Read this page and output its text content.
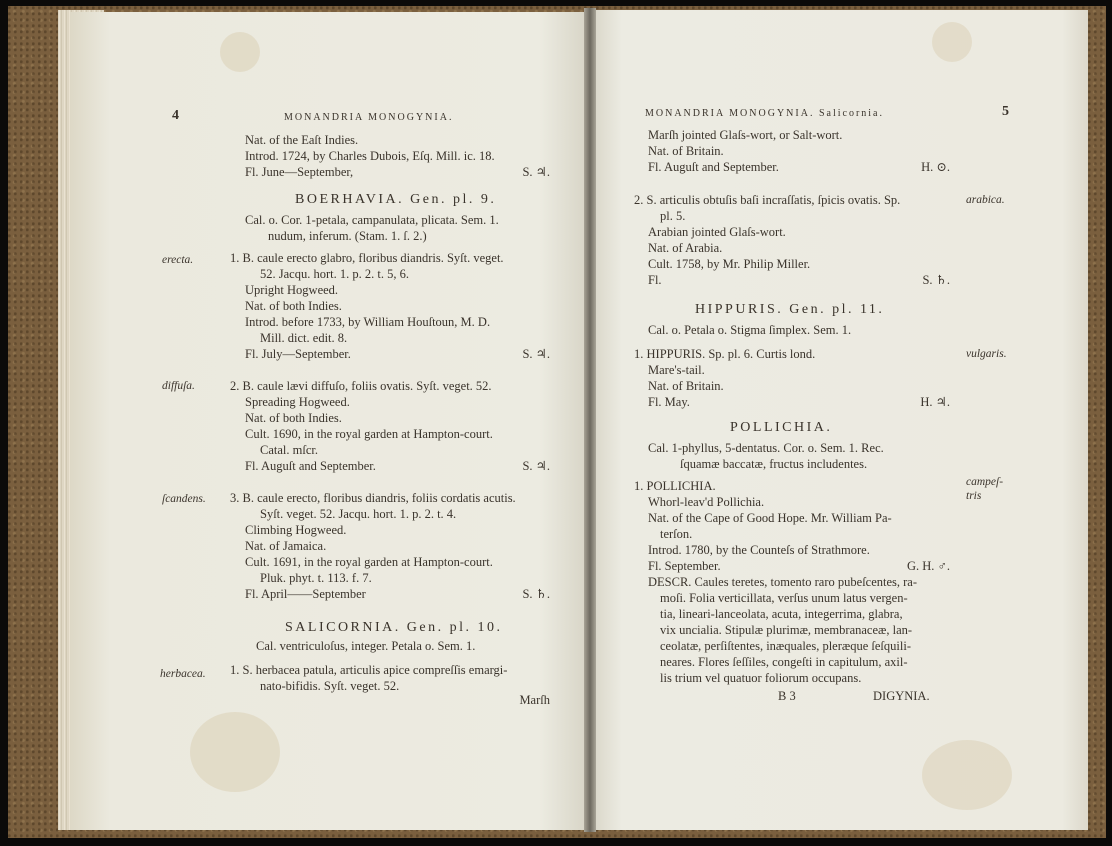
4	MONANDRIA MONOGYNIA.
Nat. of the Eaſt Indies.
Introd. 1724, by Charles Dubois, Eſq. Mill. ic. 18.
Fl. June—September,	S. ♃.
BOERHAVIA. Gen. pl. 9.
Cal. o. Cor. 1-petala, campanulata, plicata. Sem. 1.
nudum, inferum. (Stam. 1. ſ. 2.)
erecta.	1. B. caule erecto glabro, floribus diandris. Syſt. veget.
52. Jacqu. hort. 1. p. 2. t. 5, 6.
Upright Hogweed.
Nat. of both Indies.
Introd. before 1733, by William Houſtoun, M. D.
Mill. dict. edit. 8.
Fl. July—September.	S. ♃.
diffuſa.	2. B. caule lævi diffuſo, foliis ovatis. Syſt. veget. 52.
Spreading Hogweed.
Nat. of both Indies.
Cult. 1690, in the royal garden at Hampton-court.
Catal. mſcr.
Fl. Auguſt and September.	S. ♃.
ſcandens. 3. B. caule erecto, floribus diandris, foliis cordatis acutis.
Syſt. veget. 52. Jacqu. hort. 1. p. 2. t. 4.
Climbing Hogweed.
Nat. of Jamaica.
Cult. 1691, in the royal garden at Hampton-court.
Pluk. phyt. t. 113. f. 7.
Fl. April——September	S. ♄.
SALICORNIA. Gen. pl. 10.
Cal. ventriculoſus, integer. Petala o. Sem. 1.
herbacea. 1. S. herbacea patula, articulis apice compreſſis emargi-
nato-bifidis. Syſt. veget. 52.
Marſh
MONANDRIA MONOGYNIA. Salicornia.	5
Marſh jointed Glaſs-wort, or Salt-wort.
Nat. of Britain.
Fl. Auguſt and September.	H. ⊙.
2. S. articulis obtuſis baſi incraſſatis, ſpicis ovatis. Sp.	arabica.
pl. 5.
Arabian jointed Glaſs-wort.
Nat. of Arabia.
Cult. 1758, by Mr. Philip Miller.
Fl.	S. ♄.
HIPPURIS. Gen. pl. 11.
Cal. o. Petala o. Stigma ſimplex. Sem. 1.
1. HIPPURIS. Sp. pl. 6. Curtis lond.	vulgaris.
Mare's-tail.
Nat. of Britain.
Fl. May.	H. ♃.
POLLICHIA.
Cal. 1-phyllus, 5-dentatus. Cor. o. Sem. 1. Rec.
ſquamæ baccatæ, fructus includentes.
1. POLLICHIA.	campeſ-
tris
Whorl-leav'd Pollichia.
Nat. of the Cape of Good Hope. Mr. William Pa-
terſon.
Introd. 1780, by the Counteſs of Strathmore.
Fl. September.	G. H. ♂.
DESCR. Caules teretes, tomento raro pubeſcentes, ra-
moſi. Folia verticillata, verſus unum latus vergen-
tia, lineari-lanceolata, acuta, integerrima, glabra,
vix uncialia. Stipulæ plurimæ, membranaceæ, lan-
ceolatæ, perſiſtentes, inæquales, pleræque ſeſquili-
neares. Flores ſeſſiles, congeſti in capitulum, axil-
lis trium vel quatuor foliorum occupans.
B 3	DIGYNIA.
